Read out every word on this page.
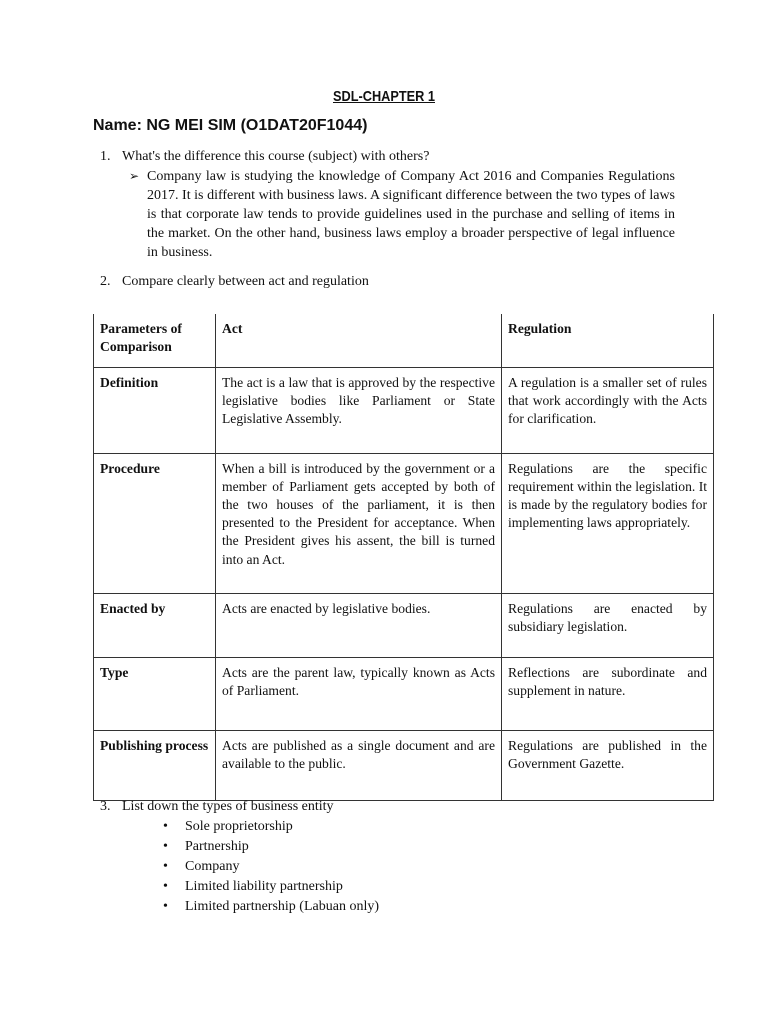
SDL-CHAPTER 1
Name: NG MEI SIM (O1DAT20F1044)
1. What's the difference this course (subject) with others?
➢ Company law is studying the knowledge of Company Act 2016 and Companies Regulations 2017. It is different with business laws. A significant difference between the two types of laws is that corporate law tends to provide guidelines used in the purchase and selling of items in the market. On the other hand, business laws employ a broader perspective of legal influence in business.
2. Compare clearly between act and regulation
Parameters of Comparison	Act	Regulation
Definition	The act is a law that is approved by the respective legislative bodies like Parliament or State Legislative Assembly.	A regulation is a smaller set of rules that work accordingly with the Acts for clarification.
Procedure	When a bill is introduced by the government or a member of Parliament gets accepted by both of the two houses of the parliament, it is then presented to the President for acceptance. When the President gives his assent, the bill is turned into an Act.	Regulations are the specific requirement within the legislation. It is made by the regulatory bodies for implementing laws appropriately.
Enacted by	Acts are enacted by legislative bodies.	Regulations are enacted by subsidiary legislation.
Type	Acts are the parent law, typically known as Acts of Parliament.	Reflections are subordinate and supplement in nature.
Publishing process	Acts are published as a single document and are available to the public.	Regulations are published in the Government Gazette.
3. List down the types of business entity
• Sole proprietorship
• Partnership
• Company
• Limited liability partnership
• Limited partnership (Labuan only)
